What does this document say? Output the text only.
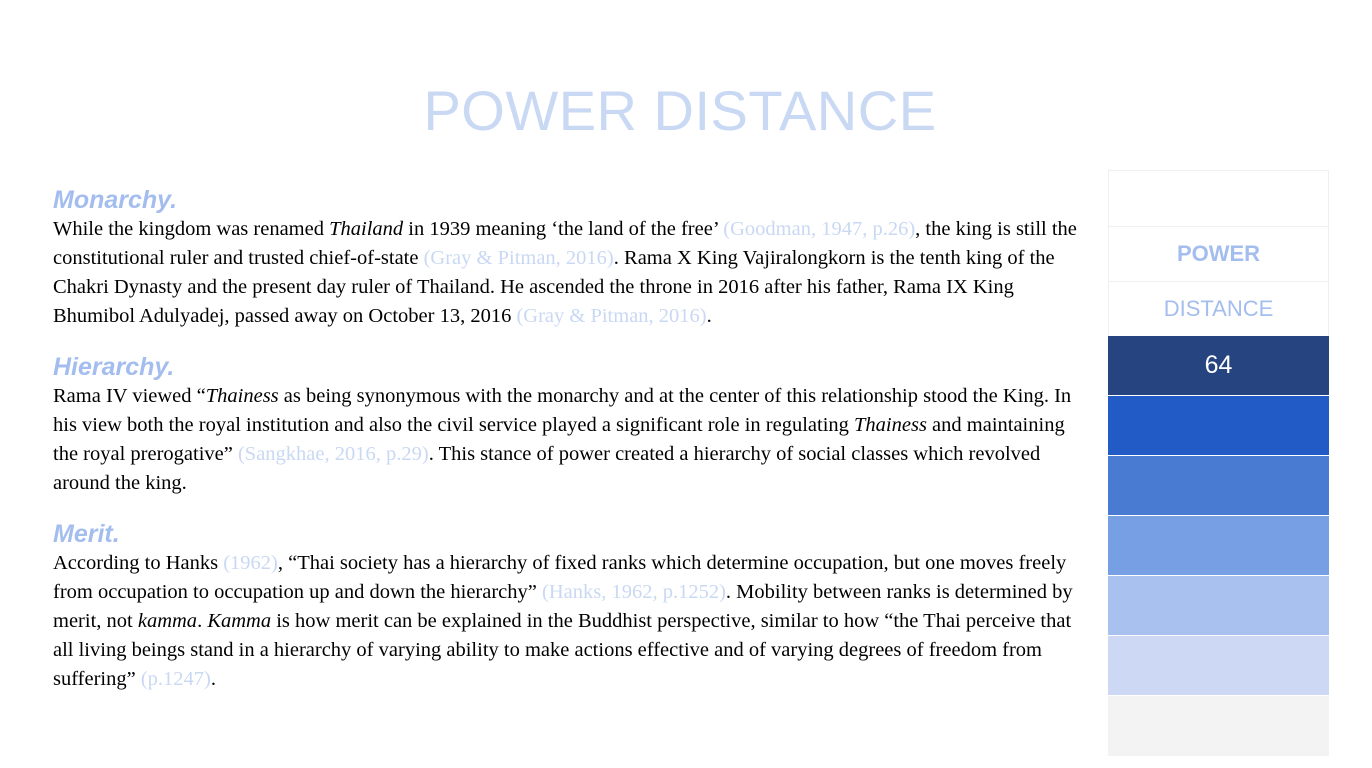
POWER DISTANCE
Monarchy.

While the kingdom was renamed Thailand in 1939 meaning ‘the land of the free’ (Goodman, 1947, p.26), the king is still the constitutional ruler and trusted chief-of-state (Gray & Pitman, 2016). Rama X King Vajiralongkorn is the tenth king of the Chakri Dynasty and the present day ruler of Thailand. He ascended the throne in 2016 after his father, Rama IX King Bhumibol Adulyadej, passed away on October 13, 2016 (Gray & Pitman, 2016).

Hierarchy.

Rama IV viewed “Thainess as being synonymous with the monarchy and at the center of this relationship stood the King. In his view both the royal institution and also the civil service played a significant role in regulating Thainess and maintaining the royal prerogative” (Sangkhae, 2016, p.29). This stance of power created a hierarchy of social classes which revolved around the king.

Merit.

According to Hanks (1962), “Thai society has a hierarchy of fixed ranks which determine occupation, but one moves freely from occupation to occupation up and down the hierarchy” (Hanks, 1962, p.1252). Mobility between ranks is determined by merit, not kamma. Kamma is how merit can be explained in the Buddhist perspective, similar to how “the Thai perceive that all living beings stand in a hierarchy of varying ability to make actions effective and of varying degrees of freedom from suffering” (p.1247).

POWER
DISTANCE
64
